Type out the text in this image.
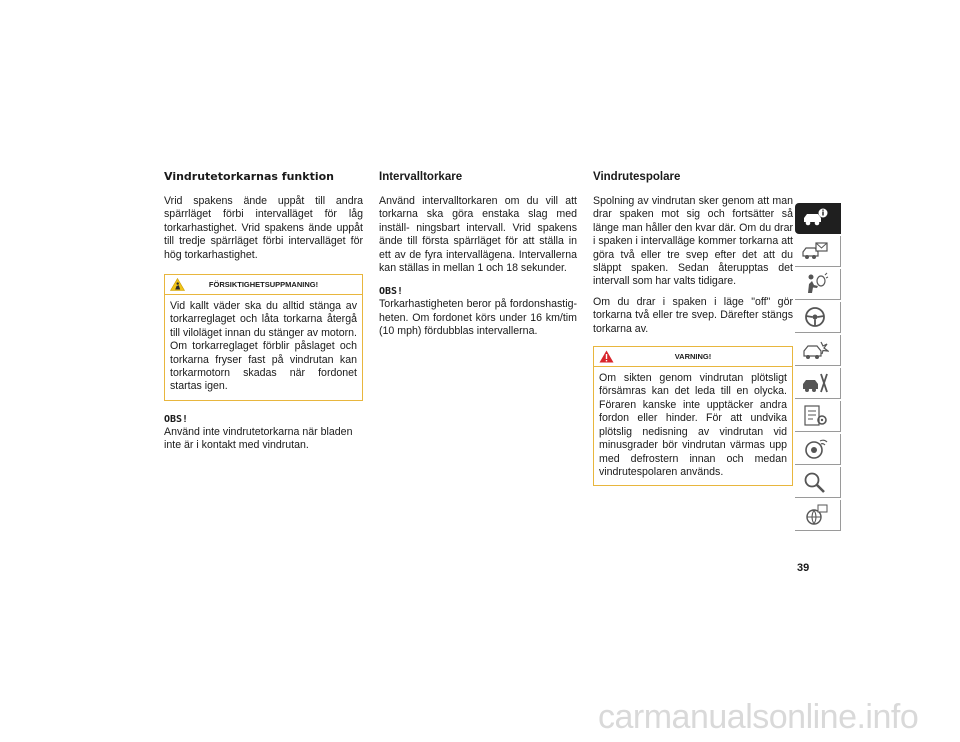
Vindrutetorkarnas funktion

Vrid spakens ände uppåt till andra spärrläget förbi intervalläget för låg torkarhastighet. Vrid spakens ände uppåt till tredje spärrläget förbi intervalläget för hög torkarhastighet.

FÖRSIKTIGHETSUPPMANING!
Vid kallt väder ska du alltid stänga av torkarreglaget och låta torkarna återgå till viloläget innan du stänger av motorn. Om torkarreglaget förblir påslaget och torkarna fryser fast på vindrutan kan torkarmotorn skadas när fordonet startas igen.
OBS!

Använd inte vindrutetorkarna när bladen inte är i kontakt med vindrutan.

Intervalltorkare

Använd intervalltorkaren om du vill att torkarna ska göra enstaka slag med inställ- ningsbart intervall. Vrid spakens ände till första spärrläget för att ställa in ett av de fyra intervallägena. Intervallerna kan ställas in mellan 1 och 18 sekunder.

OBS!

Torkarhastigheten beror på fordonshastig- heten. Om fordonet körs under 16 km/tim (10 mph) fördubblas intervallerna.

Vindrutespolare

Spolning av vindrutan sker genom att man drar spaken mot sig och fortsätter så länge man håller den kvar där. Om du drar i spaken i intervalläge kommer torkarna att göra två eller tre svep efter det att du släppt spaken. Sedan återupptas det intervall som har valts tidigare.

Om du drar i spaken i läge "off" gör torkarna två eller tre svep. Därefter stängs torkarna av.

VARNING!
Om sikten genom vindrutan plötsligt försämras kan det leda till en olycka. Föraren kanske inte upptäcker andra fordon eller hinder. För att undvika plötslig nedisning av vindrutan vid minusgrader bör vindrutan värmas upp med defrostern innan och medan vindrutespolaren används.
39
carmanualsonline.info
